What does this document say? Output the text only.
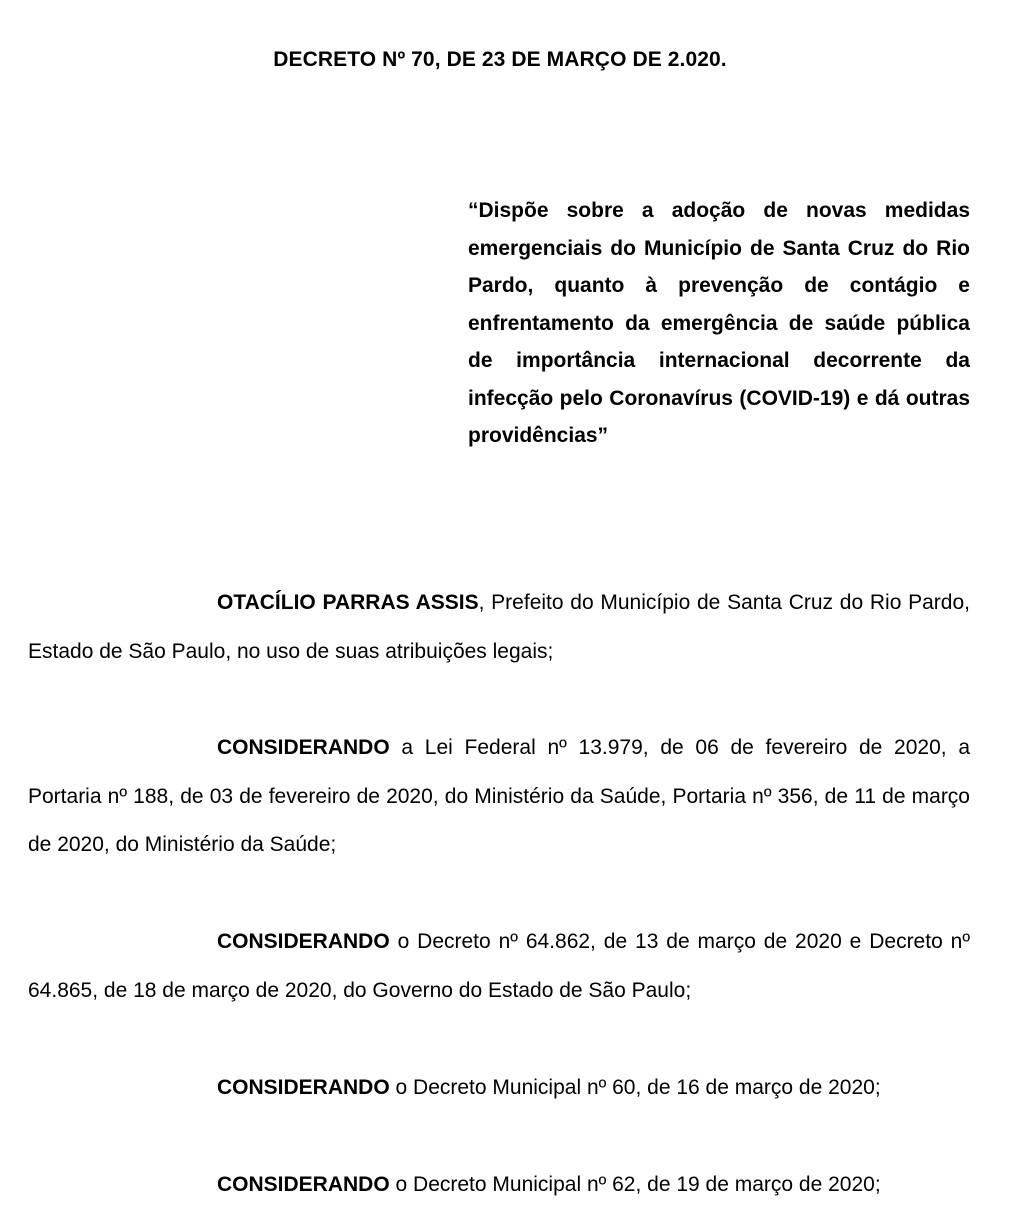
DECRETO Nº 70, DE 23 DE MARÇO DE 2.020.
“Dispõe sobre a adoção de novas medidas emergenciais do Município de Santa Cruz do Rio Pardo, quanto à prevenção de contágio e enfrentamento da emergência de saúde pública de importância internacional decorrente da infecção pelo Coronavírus (COVID-19) e dá outras providências”

OTACÍLIO PARRAS ASSIS, Prefeito do Município de Santa Cruz do Rio Pardo, Estado de São Paulo, no uso de suas atribuições legais;

CONSIDERANDO a Lei Federal nº 13.979, de 06 de fevereiro de 2020, a Portaria nº 188, de 03 de fevereiro de 2020, do Ministério da Saúde, Portaria nº 356, de 11 de março de 2020, do Ministério da Saúde;

CONSIDERANDO o Decreto nº 64.862, de 13 de março de 2020 e Decreto nº 64.865, de 18 de março de 2020, do Governo do Estado de São Paulo;

CONSIDERANDO o Decreto Municipal nº 60, de 16 de março de 2020;

CONSIDERANDO o Decreto Municipal nº 62, de 19 de março de 2020;
